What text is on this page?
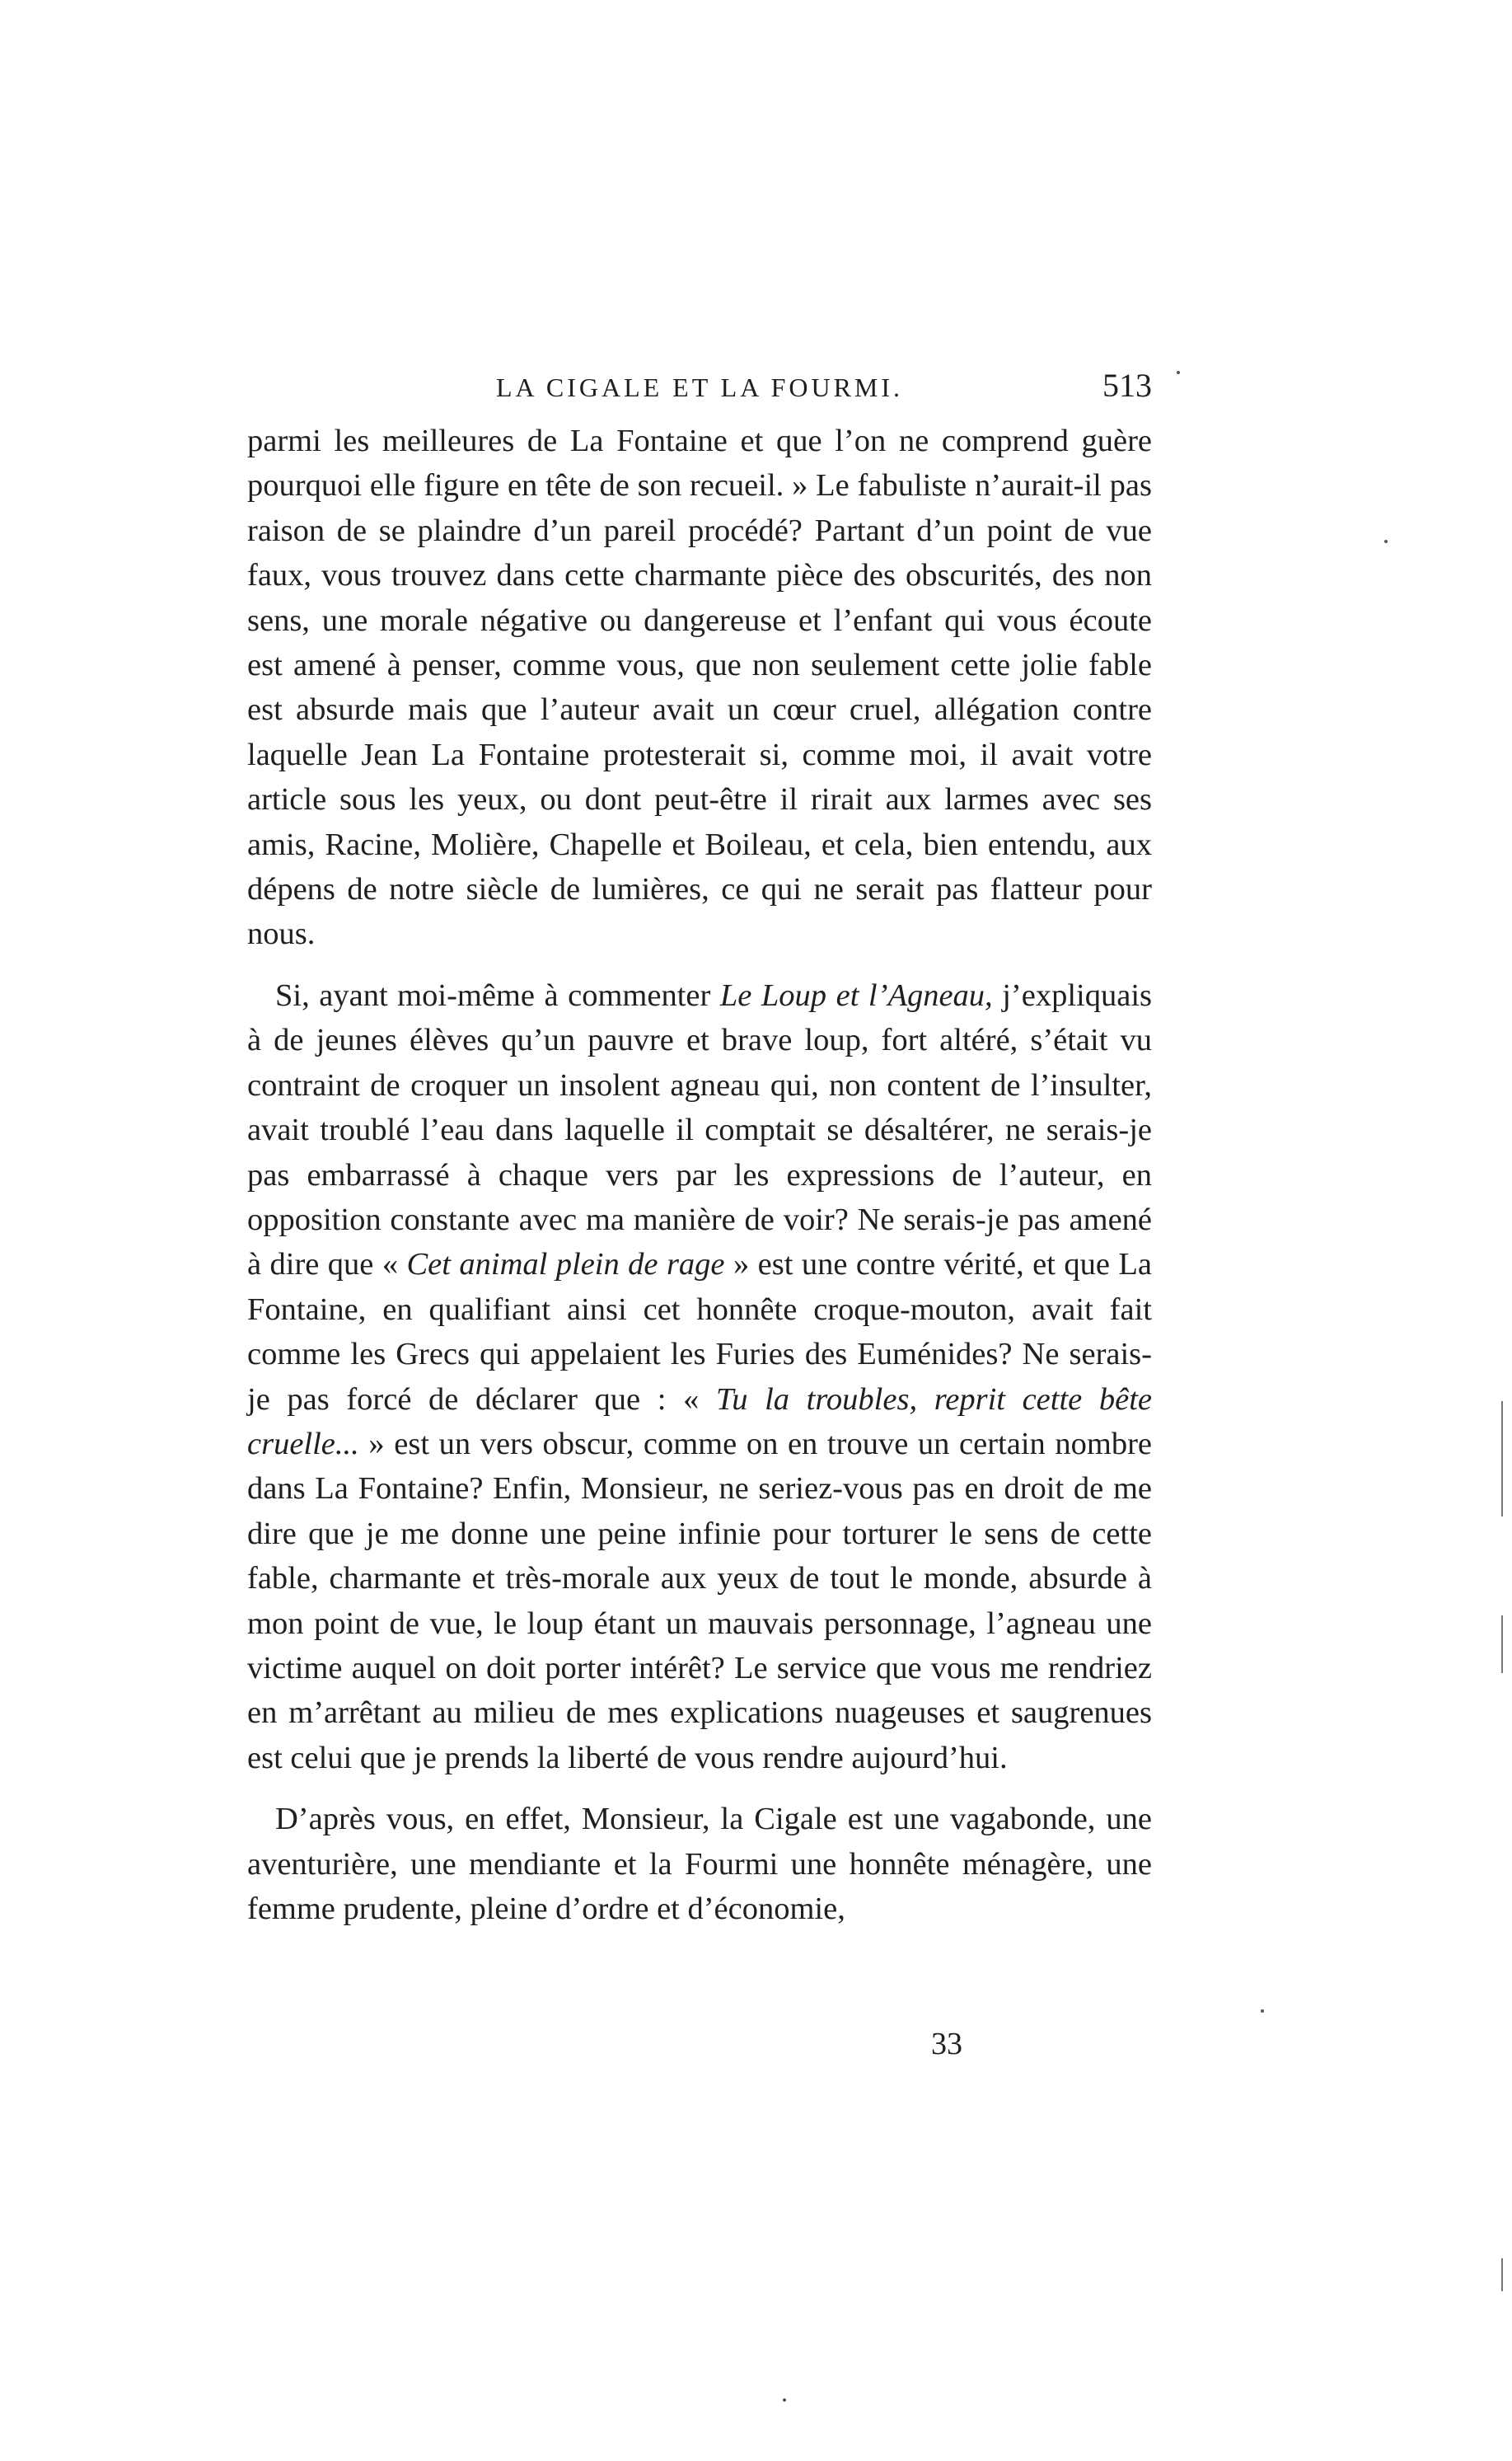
LA CIGALE ET LA FOURMI.	513

parmi les meilleures de La Fontaine et que l’on ne comprend guère pourquoi elle figure en tête de son recueil. » Le fabuliste n’aurait-il pas raison de se plaindre d’un pareil procédé? Partant d’un point de vue faux, vous trouvez dans cette charmante pièce des obscurités, des non sens, une morale négative ou dangereuse et l’enfant qui vous écoute est amené à penser, comme vous, que non seulement cette jolie fable est absurde mais que l’auteur avait un cœur cruel, allégation contre laquelle Jean La Fontaine protesterait si, comme moi, il avait votre article sous les yeux, ou dont peut-être il rirait aux larmes avec ses amis, Racine, Molière, Chapelle et Boileau, et cela, bien entendu, aux dépens de notre siècle de lumières, ce qui ne serait pas flatteur pour nous.

Si, ayant moi-même à commenter Le Loup et l’Agneau, j’expliquais à de jeunes élèves qu’un pauvre et brave loup, fort altéré, s’était vu contraint de croquer un insolent agneau qui, non content de l’insulter, avait troublé l’eau dans laquelle il comptait se désaltérer, ne serais-je pas embarrassé à chaque vers par les expressions de l’auteur, en opposition constante avec ma manière de voir? Ne serais-je pas amené à dire que « Cet animal plein de rage » est une contre vérité, et que La Fontaine, en qualifiant ainsi cet honnête croque-mouton, avait fait comme les Grecs qui appelaient les Furies des Euménides? Ne serais-je pas forcé de déclarer que : « Tu la troubles, reprit cette bête cruelle... » est un vers obscur, comme on en trouve un certain nombre dans La Fontaine? Enfin, Monsieur, ne seriez-vous pas en droit de me dire que je me donne une peine infinie pour torturer le sens de cette fable, charmante et très-morale aux yeux de tout le monde, absurde à mon point de vue, le loup étant un mauvais personnage, l’agneau une victime auquel on doit porter intérêt? Le service que vous me rendriez en m’arrêtant au milieu de mes explications nuageuses et saugrenues est celui que je prends la liberté de vous rendre aujourd’hui.

D’après vous, en effet, Monsieur, la Cigale est une vagabonde, une aventurière, une mendiante et la Fourmi une honnête ménagère, une femme prudente, pleine d’ordre et d’économie,

33
